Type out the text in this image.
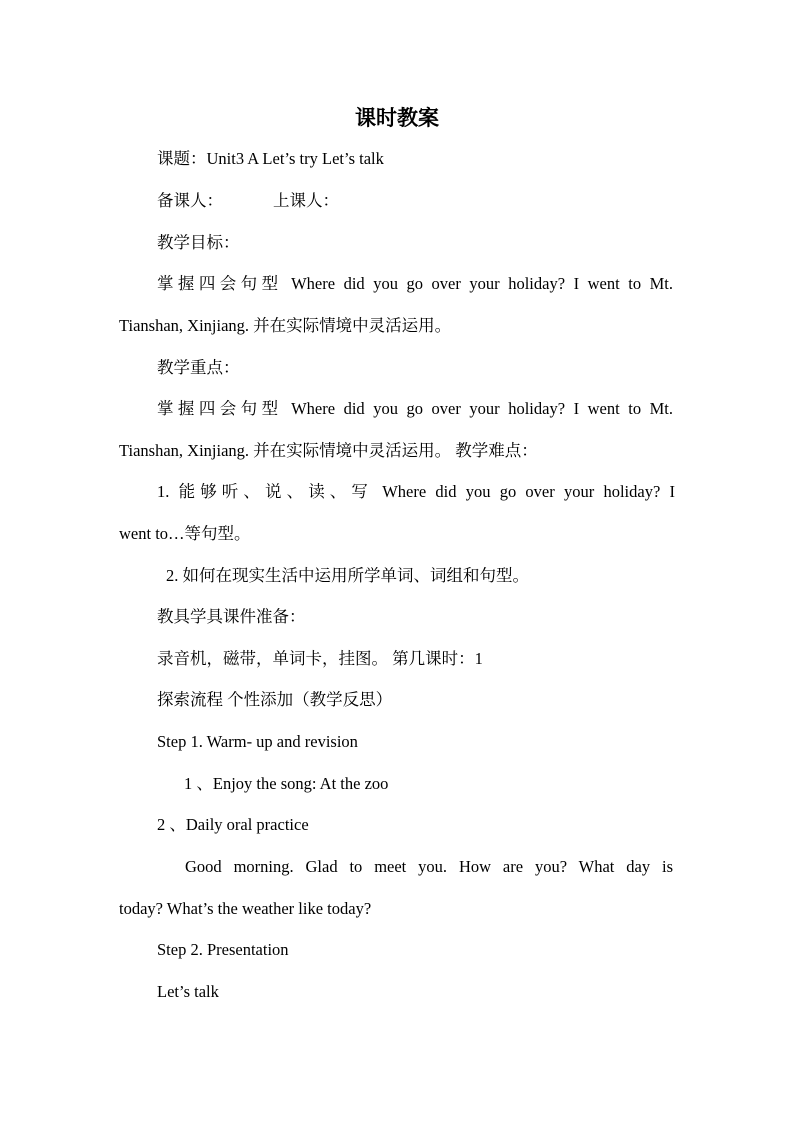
课时教案
课题：Unit3 A Let’s try Let’s talk
备课人：	上课人：
教学目标：
掌握四会句型 Where did you go over your holiday? I went to Mt.
Tianshan, Xinjiang. 并在实际情境中灵活运用。
教学重点：
掌握四会句型 Where did you go over your holiday? I went to Mt.
Tianshan, Xinjiang. 并在实际情境中灵活运用。 教学难点：
1. 能够听、说、读、写 Where did you go over your holiday? I
went to…等句型。
2. 如何在现实生活中运用所学单词、词组和句型。
教具学具课件准备：
录音机，磁带，单词卡，挂图。 第几课时：1
探索流程 个性添加（教学反思）
Step 1. Warm- up and revision
1 、Enjoy the song: At the zoo
2 、Daily oral practice
Good morning. Glad to meet you. How are you? What day is
today? What’s the weather like today?
Step 2. Presentation
Let’s talk
